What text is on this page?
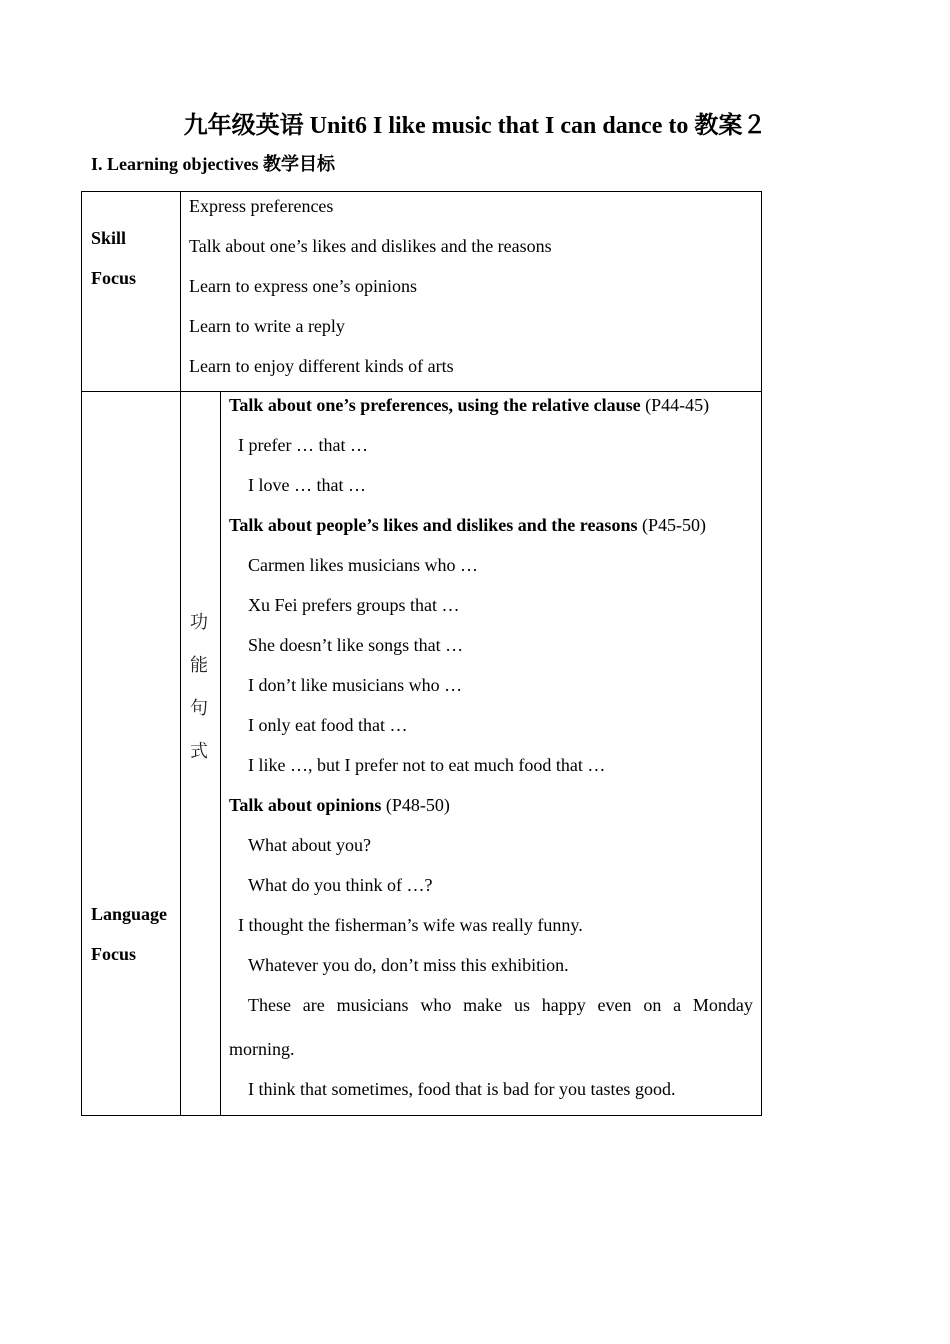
九年级英语 Unit6 I like music that I can dance to 教案２
I. Learning objectives 教学目标
Skill
Focus
Express preferences
Talk about one’s likes and dislikes and the reasons
Learn to express one’s opinions
Learn to write a reply
Learn to enjoy different kinds of arts
Language
Focus
功
能
句
式
Talk about one’s preferences, using the relative clause (P44-45)
I prefer … that …
I love … that …
Talk about people’s likes and dislikes and the reasons (P45-50)
Carmen likes musicians who …
Xu Fei prefers groups that …
She doesn’t like songs that …
I don’t like musicians who …
I only eat food that …
I like …, but I prefer not to eat much food that …
Talk about opinions (P48-50)
What about you?
What do you think of …?
I thought the fisherman’s wife was really funny.
Whatever you do, don’t miss this exhibition.
These are musicians who make us happy even on a Monday
morning.
I think that sometimes, food that is bad for you tastes good.
